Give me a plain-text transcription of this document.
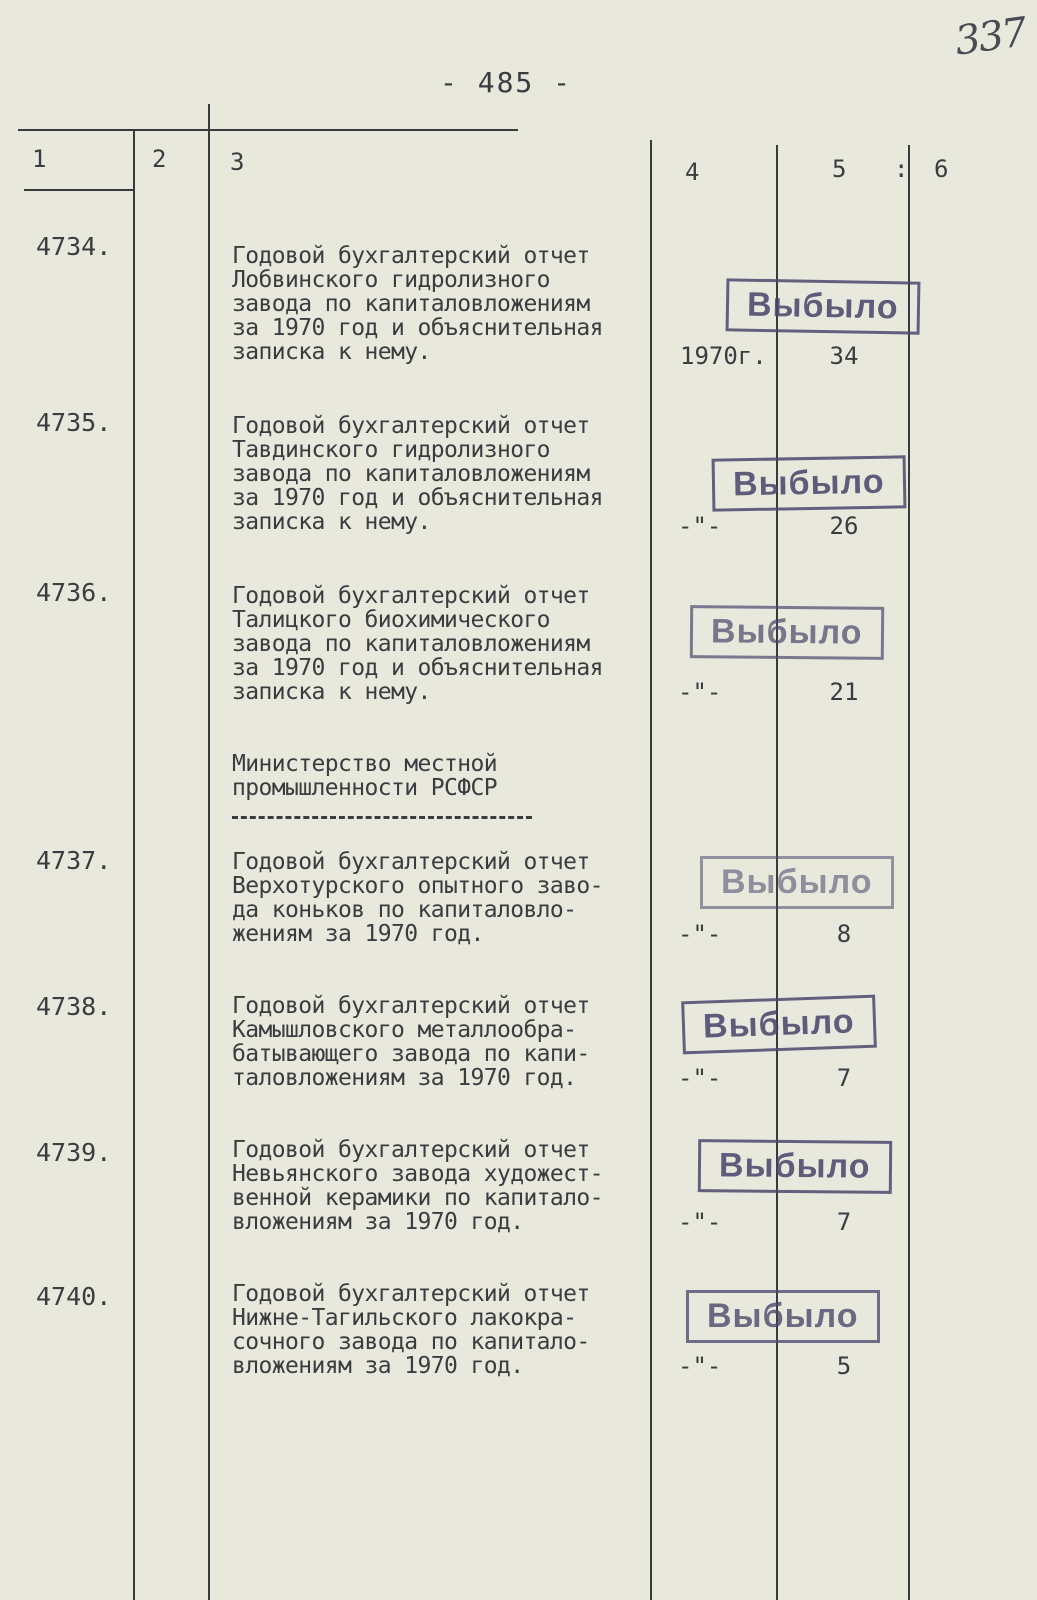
337
- 485 -
1	2	3	4	5 : 6
4734.	Годовой бухгалтерский отчет
Лобвинского гидролизного
завода по капиталовложениям
за 1970 год и объяснительная
записка к нему.
Выбыло
1970г.	34
4735.	Годовой бухгалтерский отчет
Тавдинского гидролизного
завода по капиталовложениям
за 1970 год и объяснительная
записка к нему.
Выбыло
-"-	26
4736.	Годовой бухгалтерский отчет
Талицкого биохимического
завода по капиталовложениям
за 1970 год и объяснительная
записка к нему.
Выбыло
-"-	21
Министерство местной
промышленности РСФСР
4737.	Годовой бухгалтерский отчет
Верхотурского опытного заво-
да коньков по капиталовло-
жениям за 1970 год.
Выбыло
-"-	8
4738.	Годовой бухгалтерский отчет
Камышловского металлообра-
батывающего завода по капи-
таловложениям за 1970 год.
Выбыло
-"-	7
4739.	Годовой бухгалтерский отчет
Невьянского завода художест-
венной керамики по капитало-
вложениям за 1970 год.
Выбыло
-"-	7
4740.	Годовой бухгалтерский отчет
Нижне-Тагильского лакокра-
сочного завода по капитало-
вложениям за 1970 год.
Выбыло
-"-	5
